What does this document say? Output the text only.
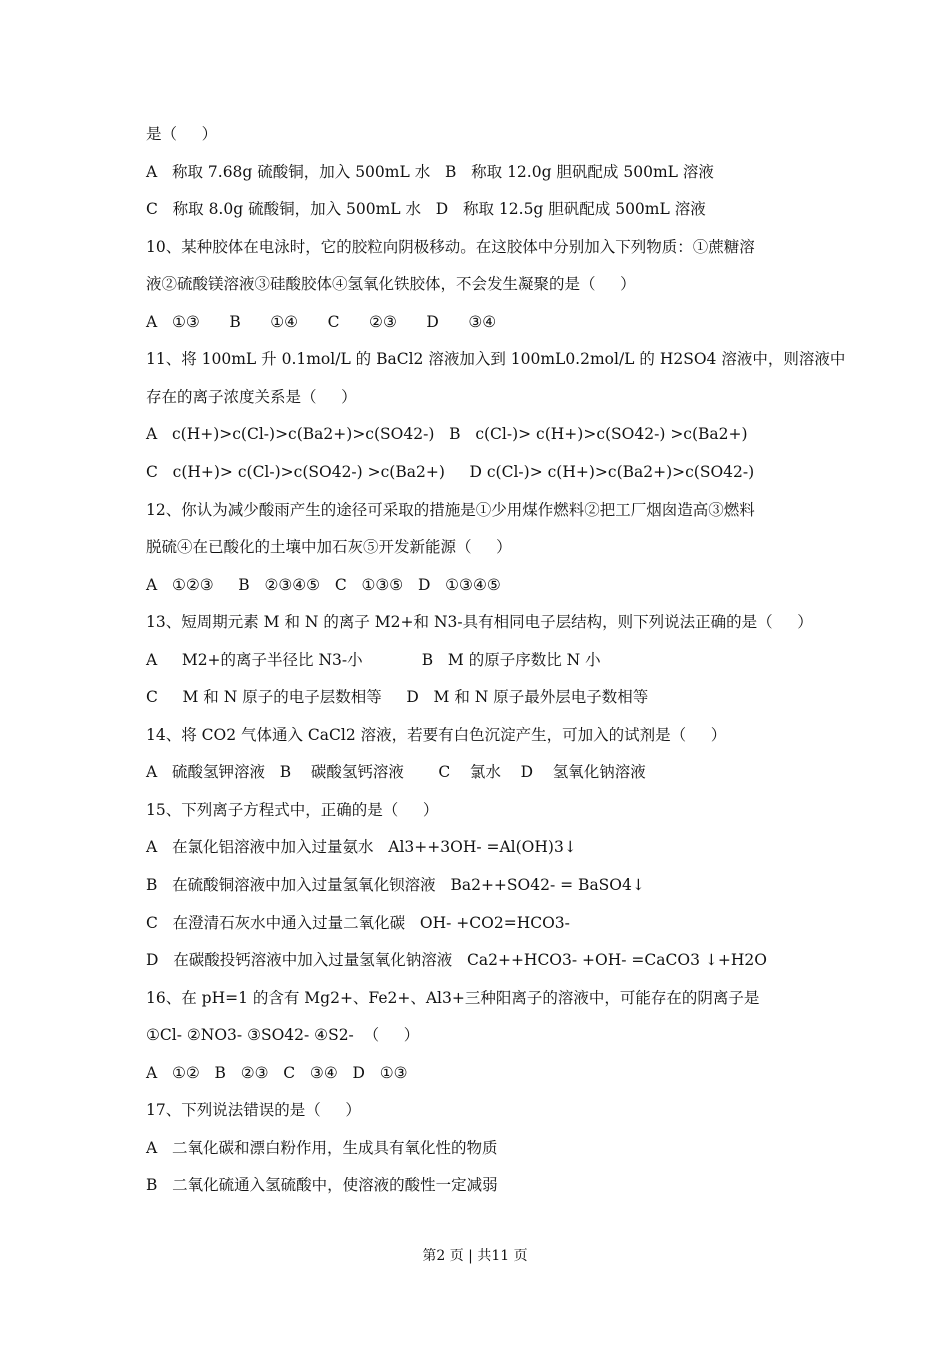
是（     ）

A   称取 7.68g 硫酸铜，加入 500mL 水   B   称取 12.0g 胆矾配成 500mL 溶液

C   称取 8.0g 硫酸铜，加入 500mL 水   D   称取 12.5g 胆矾配成 500mL 溶液

10、某种胶体在电泳时，它的胶粒向阴极移动。在这胶体中分别加入下列物质：①蔗糖溶

液②硫酸镁溶液③硅酸胶体④氢氧化铁胶体，不会发生凝聚的是（     ）

A   ①③      B      ①④      C      ②③      D      ③④

11、将 100mL 升 0.1mol/L 的 BaCl2 溶液加入到 100mL0.2mol/L 的 H2SO4 溶液中，则溶液中

存在的离子浓度关系是（     ）

A   c(H+)>c(Cl-)>c(Ba2+)>c(SO42-)   B   c(Cl-)> c(H+)>c(SO42-) >c(Ba2+)

C   c(H+)> c(Cl-)>c(SO42-) >c(Ba2+)     D c(Cl-)> c(H+)>c(Ba2+)>c(SO42-)

12、你认为减少酸雨产生的途径可采取的措施是①少用煤作燃料②把工厂烟囱造高③燃料

脱硫④在已酸化的土壤中加石灰⑤开发新能源（     ）

A   ①②③     B   ②③④⑤   C   ①③⑤   D   ①③④⑤

13、短周期元素 M 和 N 的离子 M2+和 N3-具有相同电子层结构，则下列说法正确的是（     ）

A     M2+的离子半径比 N3-小            B   M 的原子序数比 N 小

C     M 和 N 原子的电子层数相等     D   M 和 N 原子最外层电子数相等

14、将 CO2 气体通入 CaCl2 溶液，若要有白色沉淀产生，可加入的试剂是（     ）

A   硫酸氢钾溶液   B    碳酸氢钙溶液       C    氯水    D    氢氧化钠溶液

15、下列离子方程式中，正确的是（     ）

A   在氯化铝溶液中加入过量氨水   Al3++3OH- =Al(OH)3↓

B   在硫酸铜溶液中加入过量氢氧化钡溶液   Ba2++SO42- = BaSO4↓

C   在澄清石灰水中通入过量二氧化碳   OH- +CO2=HCO3-

D   在碳酸投钙溶液中加入过量氢氧化钠溶液   Ca2++HCO3- +OH- =CaCO3 ↓+H2O

16、在 pH=1 的含有 Mg2+、Fe2+、Al3+三种阳离子的溶液中，可能存在的阴离子是

①Cl- ②NO3- ③SO42- ④S2-  （     ）

A   ①②   B   ②③   C   ③④   D   ①③

17、下列说法错误的是（     ）

A   二氧化碳和漂白粉作用，生成具有氧化性的物质

B   二氧化硫通入氢硫酸中，使溶液的酸性一定减弱

第2 页 | 共11 页
